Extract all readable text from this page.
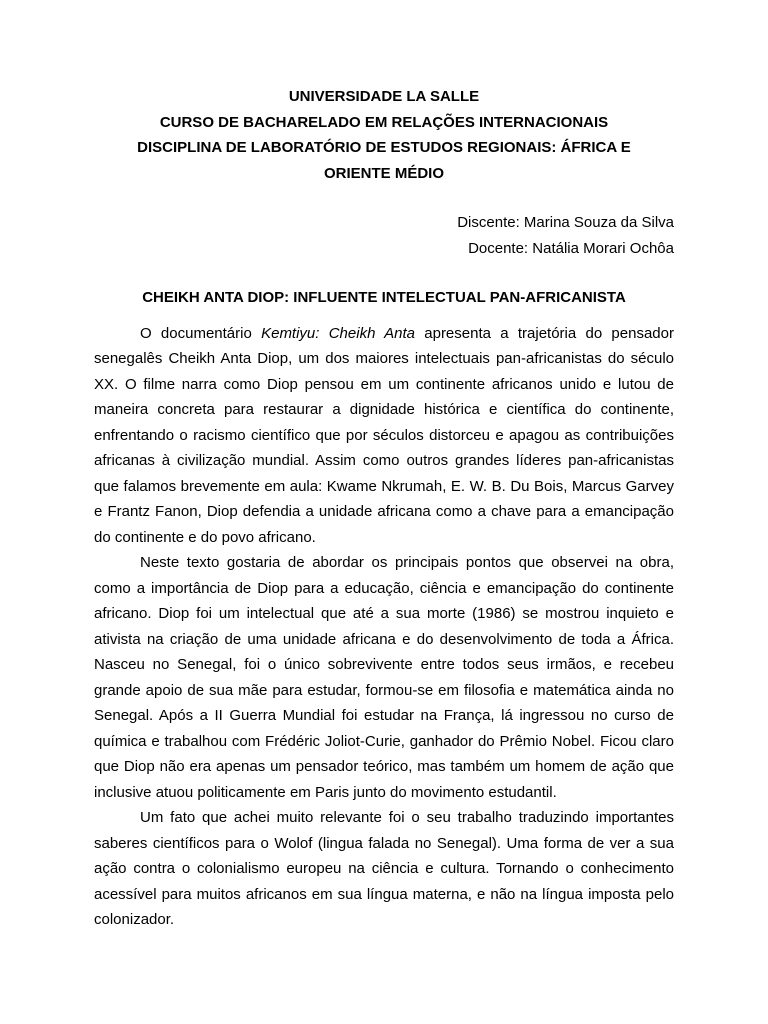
UNIVERSIDADE LA SALLE
CURSO DE BACHARELADO EM RELAÇÕES INTERNACIONAIS
DISCIPLINA DE LABORATÓRIO DE ESTUDOS REGIONAIS: ÁFRICA E
ORIENTE MÉDIO
Discente: Marina Souza da Silva
Docente: Natália Morari Ochôa
CHEIKH ANTA DIOP: INFLUENTE INTELECTUAL PAN-AFRICANISTA

O documentário Kemtiyu: Cheikh Anta apresenta a trajetória do pensador senegalês Cheikh Anta Diop, um dos maiores intelectuais pan-africanistas do século XX. O filme narra como Diop pensou em um continente africanos unido e lutou de maneira concreta para restaurar a dignidade histórica e científica do continente, enfrentando o racismo científico que por séculos distorceu e apagou as contribuições africanas à civilização mundial. Assim como outros grandes líderes pan-africanistas que falamos brevemente em aula: Kwame Nkrumah, E. W. B. Du Bois, Marcus Garvey e Frantz Fanon, Diop defendia a unidade africana como a chave para a emancipação do continente e do povo africano.

Neste texto gostaria de abordar os principais pontos que observei na obra, como a importância de Diop para a educação, ciência e emancipação do continente africano. Diop foi um intelectual que até a sua morte (1986) se mostrou inquieto e ativista na criação de uma unidade africana e do desenvolvimento de toda a África. Nasceu no Senegal, foi o único sobrevivente entre todos seus irmãos, e recebeu grande apoio de sua mãe para estudar, formou-se em filosofia e matemática ainda no Senegal. Após a II Guerra Mundial foi estudar na França, lá ingressou no curso de química e trabalhou com Frédéric Joliot-Curie, ganhador do Prêmio Nobel. Ficou claro que Diop não era apenas um pensador teórico, mas também um homem de ação que inclusive atuou politicamente em Paris junto do movimento estudantil.

Um fato que achei muito relevante foi o seu trabalho traduzindo importantes saberes científicos para o Wolof (lingua falada no Senegal). Uma forma de ver a sua ação contra o colonialismo europeu na ciência e cultura. Tornando o conhecimento acessível para muitos africanos em sua língua materna, e não na língua imposta pelo colonizador.
